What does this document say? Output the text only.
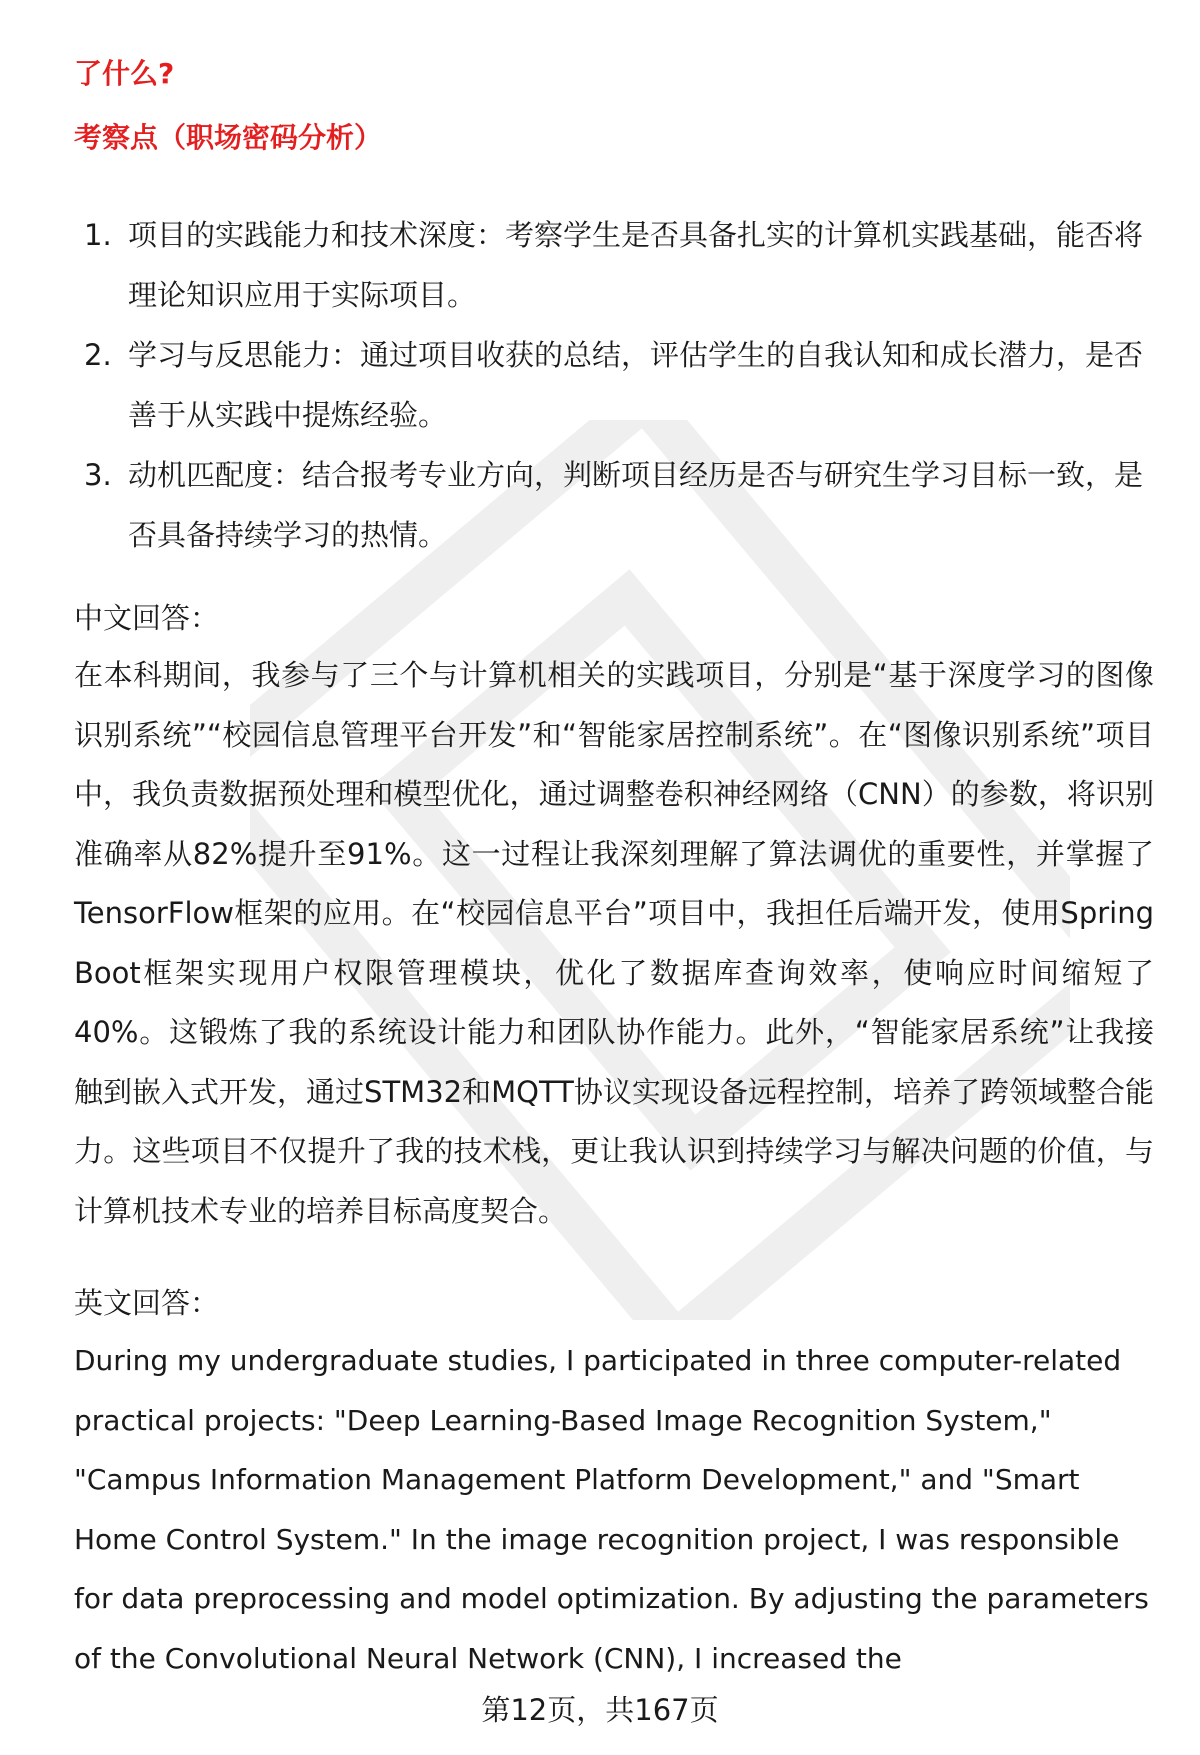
了什么?
考察点（职场密码分析）
1. 项目的实践能力和技术深度：考察学生是否具备扎实的计算机实践基础，能否将理论知识应用于实际项目。
2. 学习与反思能力：通过项目收获的总结，评估学生的自我认知和成长潜力，是否善于从实践中提炼经验。
3. 动机匹配度：结合报考专业方向，判断项目经历是否与研究生学习目标一致，是否具备持续学习的热情。
中文回答：
在本科期间，我参与了三个与计算机相关的实践项目，分别是“基于深度学习的图像识别系统”“校园信息管理平台开发”和“智能家居控制系统”。在“图像识别系统”项目中，我负责数据预处理和模型优化，通过调整卷积神经网络（CNN）的参数，将识别准确率从82%提升至91%。这一过程让我深刻理解了算法调优的重要性，并掌握了TensorFlow框架的应用。在“校园信息平台”项目中，我担任后端开发，使用Spring Boot框架实现用户权限管理模块，优化了数据库查询效率，使响应时间缩短了40%。这锻炼了我的系统设计能力和团队协作能力。此外，“智能家居系统”让我接触到嵌入式开发，通过STM32和MQTT协议实现设备远程控制，培养了跨领域整合能力。这些项目不仅提升了我的技术栈，更让我认识到持续学习与解决问题的价值，与计算机技术专业的培养目标高度契合。
英文回答：
During my undergraduate studies, I participated in three computer-related practical projects: "Deep Learning-Based Image Recognition System," "Campus Information Management Platform Development," and "Smart Home Control System." In the image recognition project, I was responsible for data preprocessing and model optimization. By adjusting the parameters of the Convolutional Neural Network (CNN), I increased the
第12页，共167页
